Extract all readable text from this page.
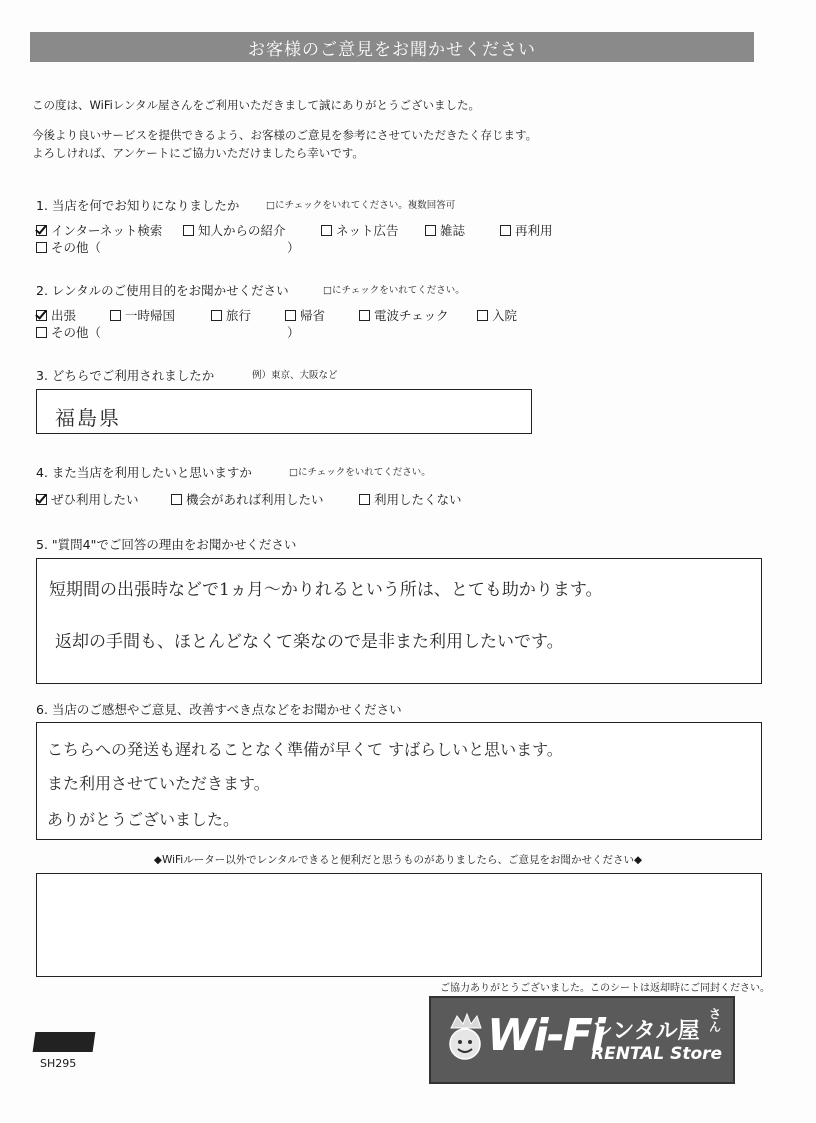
お客様のご意見をお聞かせください
この度は、WiFiレンタル屋さんをご利用いただきまして誠にありがとうございました。
今後より良いサービスを提供できるよう、お客様のご意見を参考にさせていただきたく存じます。
よろしければ、アンケートにご協力いただけましたら幸いです。
1. 当店を何でお知りになりましたか	□にチェックをいれてください。複数回答可
インターネット検索	知人からの紹介	ネット広告	雑誌	再利用
その他（	）
2. レンタルのご使用目的をお聞かせください	□にチェックをいれてください。
出張	一時帰国	旅行	帰省	電波チェック	入院
その他（	）
3. どちらでご利用されましたか	例）東京、大阪など
福島県
4. また当店を利用したいと思いますか	□にチェックをいれてください。
ぜひ利用したい	機会があれば利用したい	利用したくない
5. "質問4"でご回答の理由をお聞かせください
短期間の出張時などで1ヵ月～かりれるという所は、とても助かります。
返却の手間も、ほとんどなくて楽なので是非また利用したいです。
6. 当店のご感想やご意見、改善すべき点などをお聞かせください
こちらへの発送も遅れることなく準備が早くて すばらしいと思います。
また利用させていただきます。
ありがとうございました。
◆WiFiルーター以外でレンタルできると便利だと思うものがありましたら、ご意見をお聞かせください◆
ご協力ありがとうございました。このシートは返却時にご同封ください。
SH295
Wi-Fi
レンタル屋
さん
RENTAL Store
